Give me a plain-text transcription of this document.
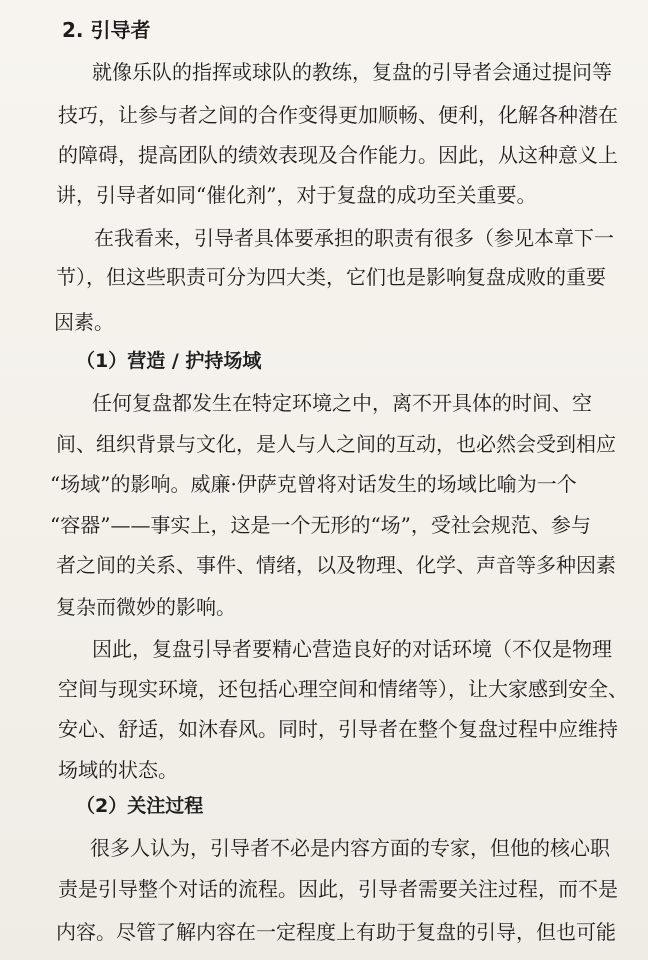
2. 引导者
就像乐队的指挥或球队的教练，复盘的引导者会通过提问等
技巧，让参与者之间的合作变得更加顺畅、便利，化解各种潜在
的障碍，提高团队的绩效表现及合作能力。因此，从这种意义上
讲，引导者如同“催化剂”，对于复盘的成功至关重要。
在我看来，引导者具体要承担的职责有很多（参见本章下一
节），但这些职责可分为四大类，它们也是影响复盘成败的重要
因素。
（1）营造 / 护持场域
任何复盘都发生在特定环境之中，离不开具体的时间、空
间、组织背景与文化，是人与人之间的互动，也必然会受到相应
“场域”的影响。威廉·伊萨克曾将对话发生的场域比喻为一个
“容器”——事实上，这是一个无形的“场”，受社会规范、参与
者之间的关系、事件、情绪，以及物理、化学、声音等多种因素
复杂而微妙的影响。
因此，复盘引导者要精心营造良好的对话环境（不仅是物理
空间与现实环境，还包括心理空间和情绪等），让大家感到安全、
安心、舒适，如沐春风。同时，引导者在整个复盘过程中应维持
场域的状态。
（2）关注过程
很多人认为，引导者不必是内容方面的专家，但他的核心职
责是引导整个对话的流程。因此，引导者需要关注过程，而不是
内容。尽管了解内容在一定程度上有助于复盘的引导，但也可能
